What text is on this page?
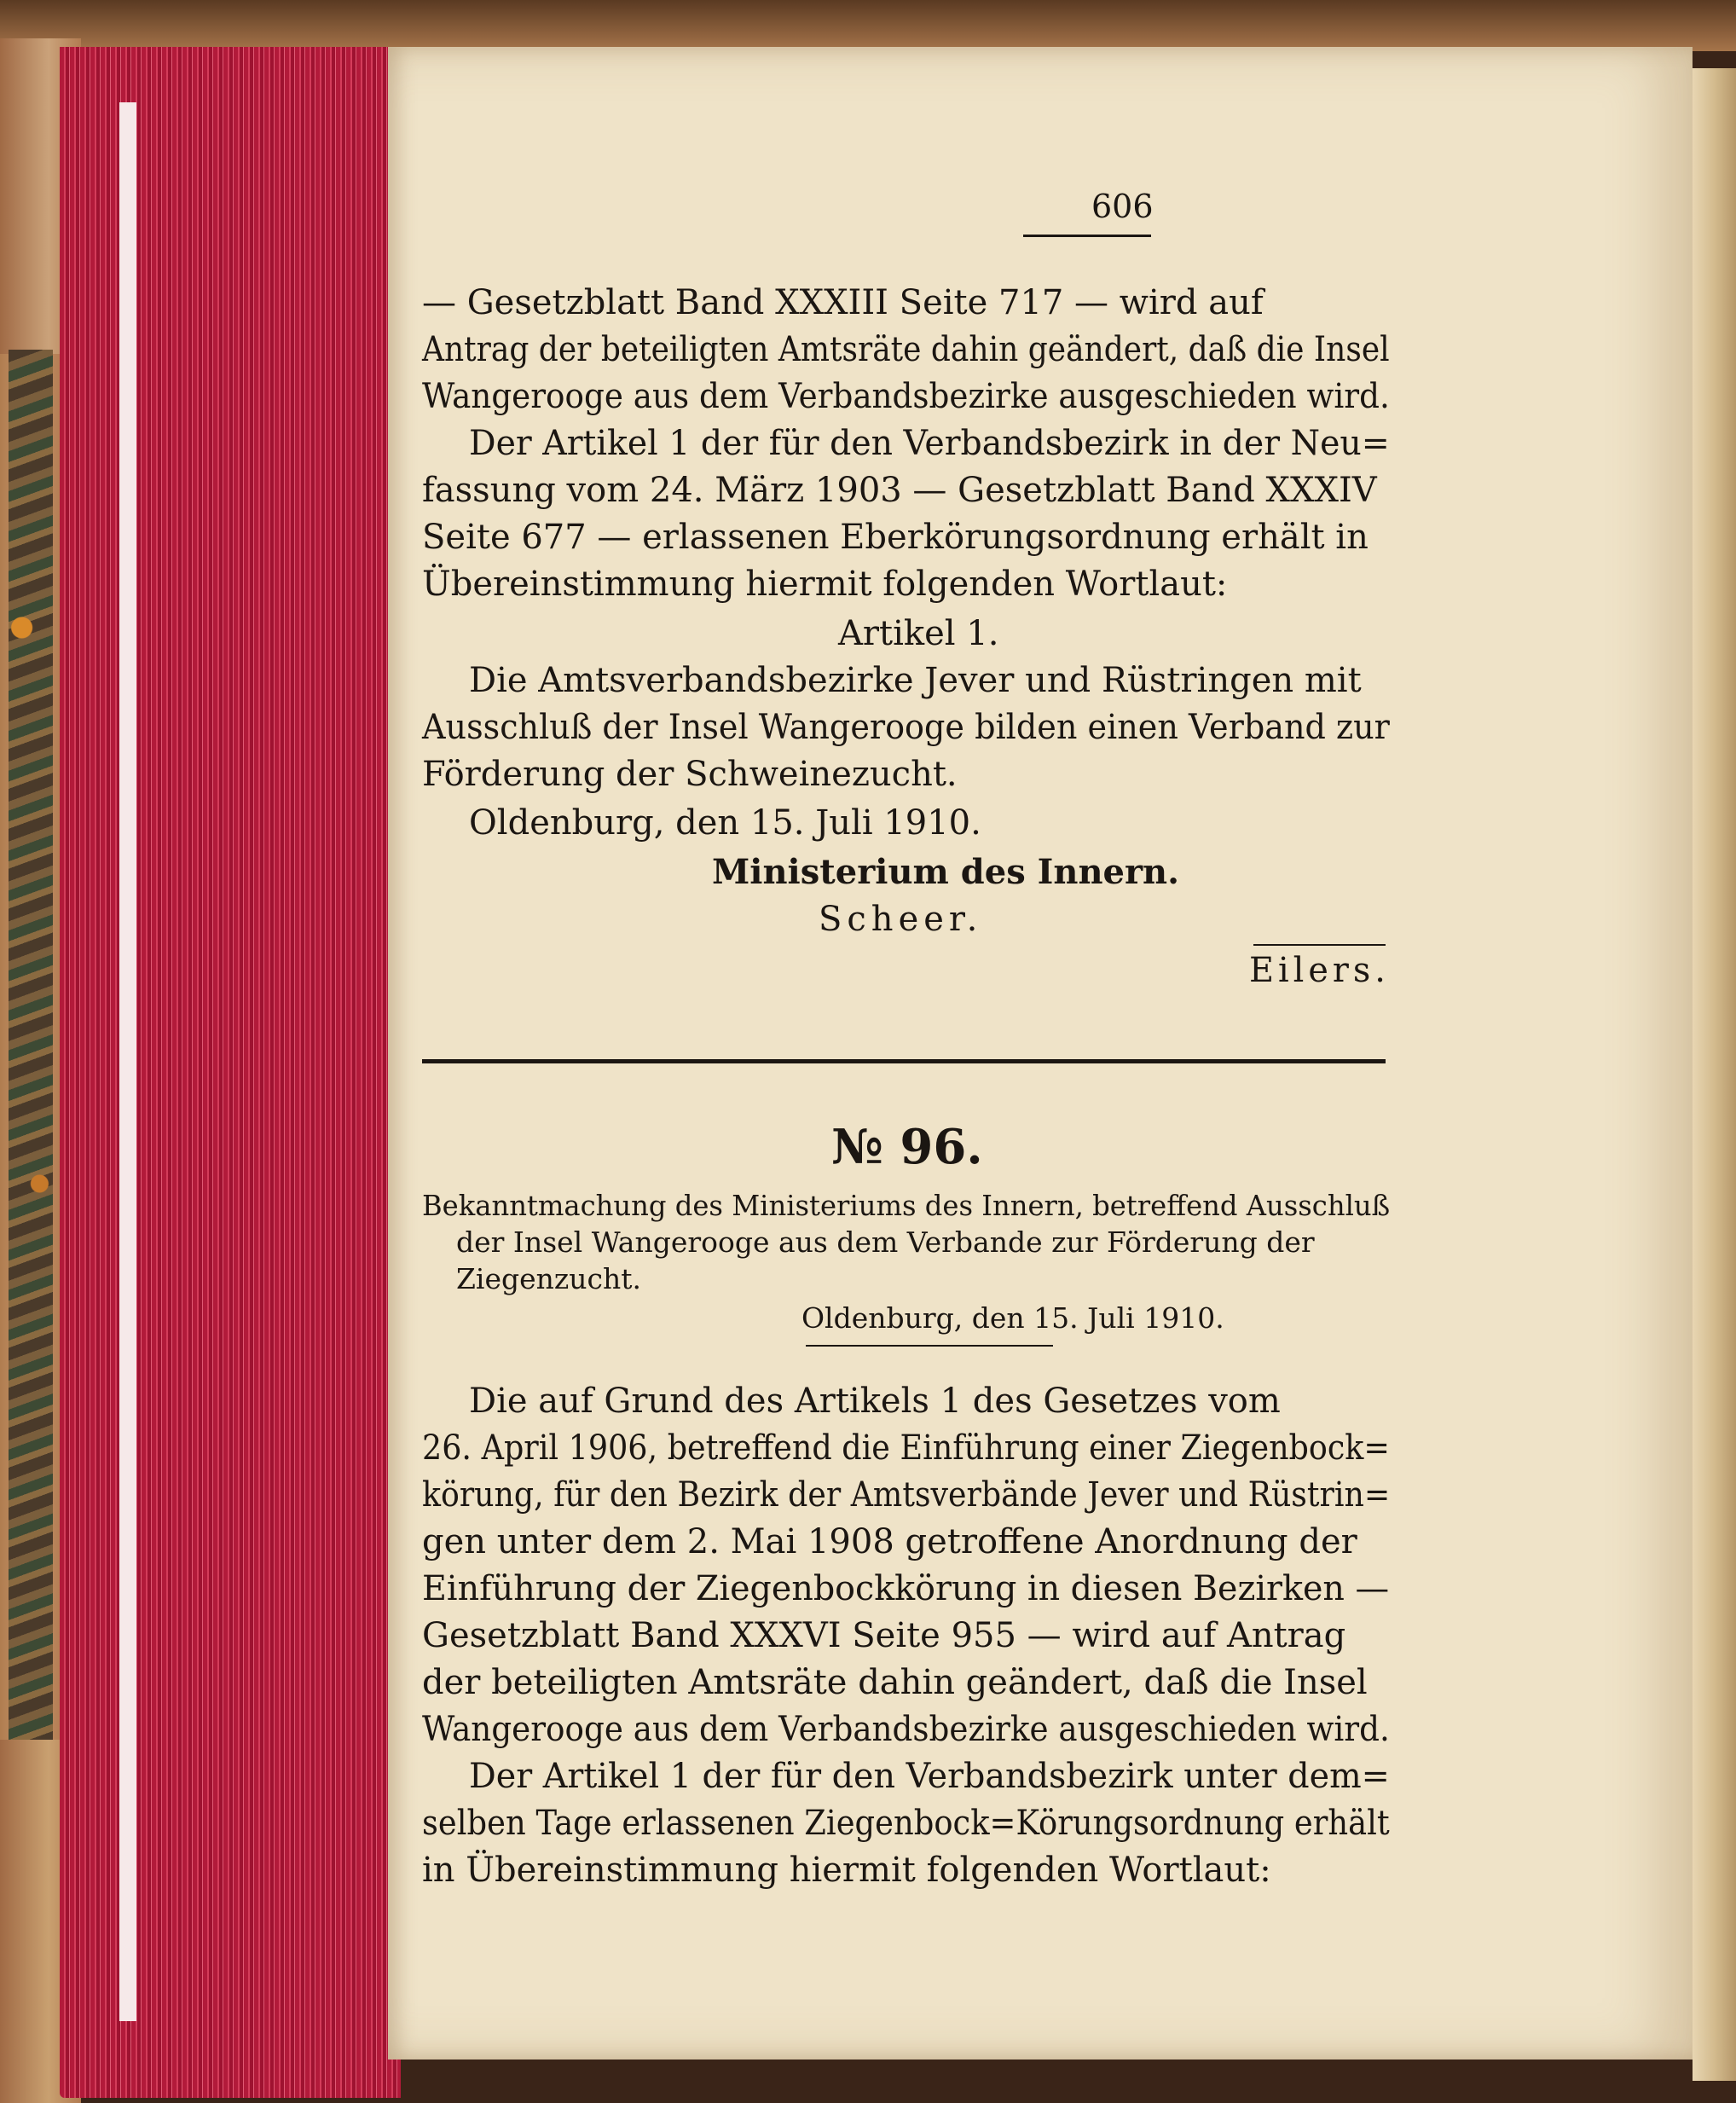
606
— Gesetzblatt Band XXXIII Seite 717 — wird auf
Antrag der beteiligten Amtsräte dahin geändert, daß die Insel
Wangerooge aus dem Verbandsbezirke ausgeschieden wird.
Der Artikel 1 der für den Verbandsbezirk in der Neu=
fassung vom 24. März 1903 — Gesetzblatt Band XXXIV
Seite 677 — erlassenen Eberkörungsordnung erhält in
Übereinstimmung hiermit folgenden Wortlaut:
Artikel 1.
Die Amtsverbandsbezirke Jever und Rüstringen mit
Ausschluß der Insel Wangerooge bilden einen Verband zur
Förderung der Schweinezucht.
Oldenburg, den 15. Juli 1910.
Ministerium des Innern.
Scheer.
Eilers.
№ 96.
Bekanntmachung des Ministeriums des Innern, betreffend Ausschluß
der Insel Wangerooge aus dem Verbande zur Förderung der
Ziegenzucht.
Oldenburg, den 15. Juli 1910.
Die auf Grund des Artikels 1 des Gesetzes vom
26. April 1906, betreffend die Einführung einer Ziegenbock=
körung, für den Bezirk der Amtsverbände Jever und Rüstrin=
gen unter dem 2. Mai 1908 getroffene Anordnung der
Einführung der Ziegenbockkörung in diesen Bezirken —
Gesetzblatt Band XXXVI Seite 955 — wird auf Antrag
der beteiligten Amtsräte dahin geändert, daß die Insel
Wangerooge aus dem Verbandsbezirke ausgeschieden wird.
Der Artikel 1 der für den Verbandsbezirk unter dem=
selben Tage erlassenen Ziegenbock=Körungsordnung erhält
in Übereinstimmung hiermit folgenden Wortlaut:
